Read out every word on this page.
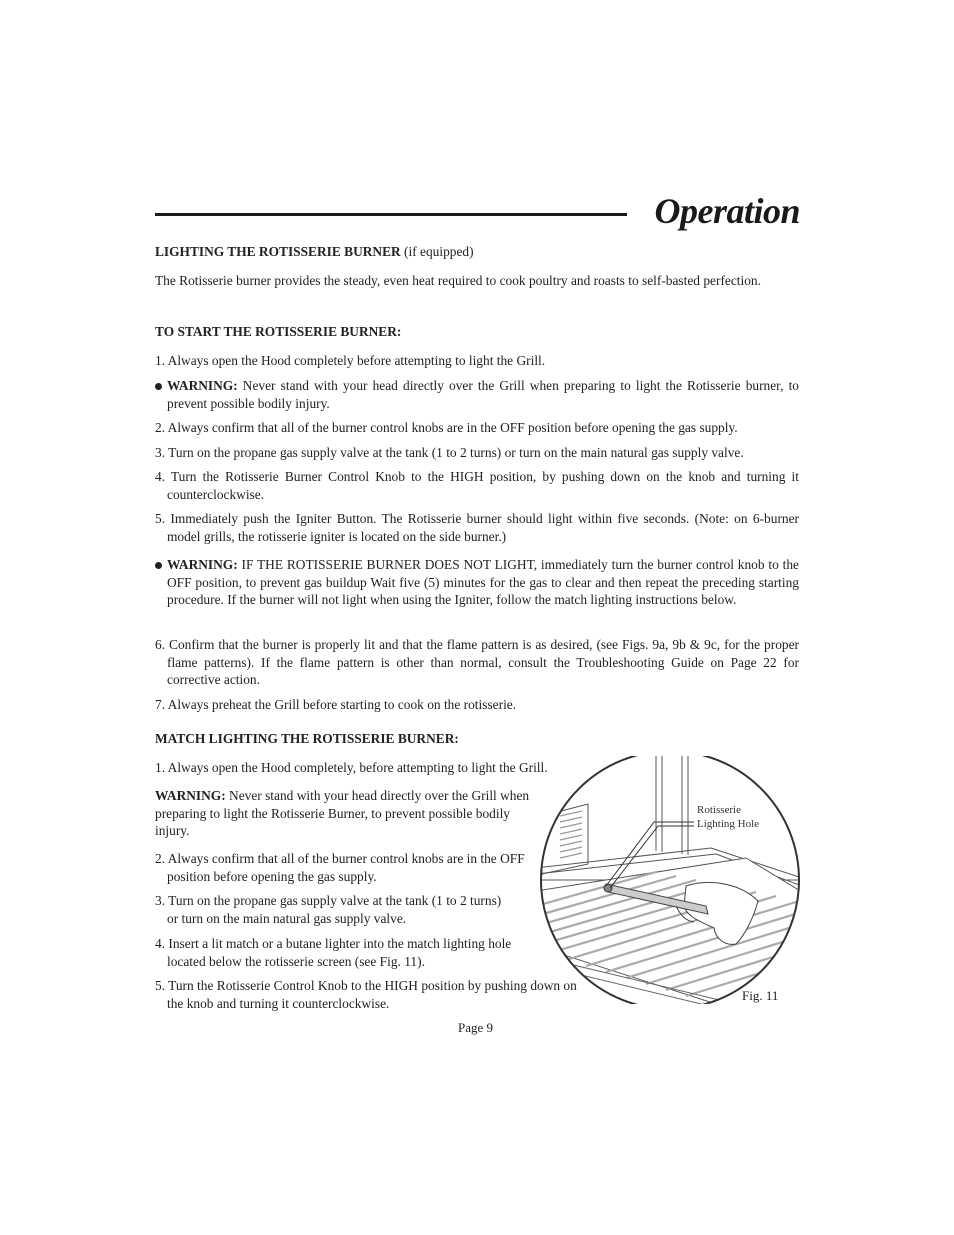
Operation

LIGHTING THE ROTISSERIE BURNER (if equipped)

The Rotisserie burner provides the steady, even heat required to cook poultry and roasts to self-basted perfection.

TO START THE ROTISSERIE BURNER:

1. Always open the Hood completely before attempting to light the Grill.

WARNING: Never stand with your head directly over the Grill when preparing to light the Rotisserie burner, to prevent possible bodily injury.

2. Always confirm that all of the burner control knobs are in the OFF position before opening the gas supply.

3. Turn on the propane gas supply valve at the tank (1 to 2 turns) or turn on the main natural gas supply valve.

4. Turn the Rotisserie Burner Control Knob to the HIGH position, by pushing down on the knob and turning it counterclockwise.

5. Immediately push the Igniter Button. The Rotisserie burner should light within five seconds. (Note: on 6-burner model grills, the rotisserie igniter is located on the side burner.)

WARNING: IF THE ROTISSERIE BURNER DOES NOT LIGHT, immediately turn the burner control knob to the OFF position, to prevent gas buildup Wait five (5) minutes for the gas to clear and then repeat the preceding starting procedure. If the burner will not light when using the Igniter, follow the match lighting instructions below.

6. Confirm that the burner is properly lit and that the flame pattern is as desired, (see Figs. 9a, 9b & 9c, for the proper flame patterns). If the flame pattern is other than normal, consult the Troubleshooting Guide on Page 22 for corrective action.

7. Always preheat the Grill before starting to cook on the rotisserie.

MATCH LIGHTING THE ROTISSERIE BURNER:

1. Always open the Hood completely, before attempting to light the Grill.

WARNING: Never stand with your head directly over the Grill when preparing to light the Rotisserie Burner, to prevent possible bodily injury.

2. Always confirm that all of the burner control knobs are in the OFF position before opening the gas supply.

3. Turn on the propane gas supply valve at the tank (1 to 2 turns) or turn on the main natural gas supply valve.

4. Insert a lit match or a butane lighter into the match lighting hole located below the rotisserie screen (see Fig. 11).

5. Turn the Rotisserie Control Knob to the HIGH position by pushing down on the knob and turning it counterclockwise.

Rotisserie
Lighting Hole
Fig. 11
Page 9
